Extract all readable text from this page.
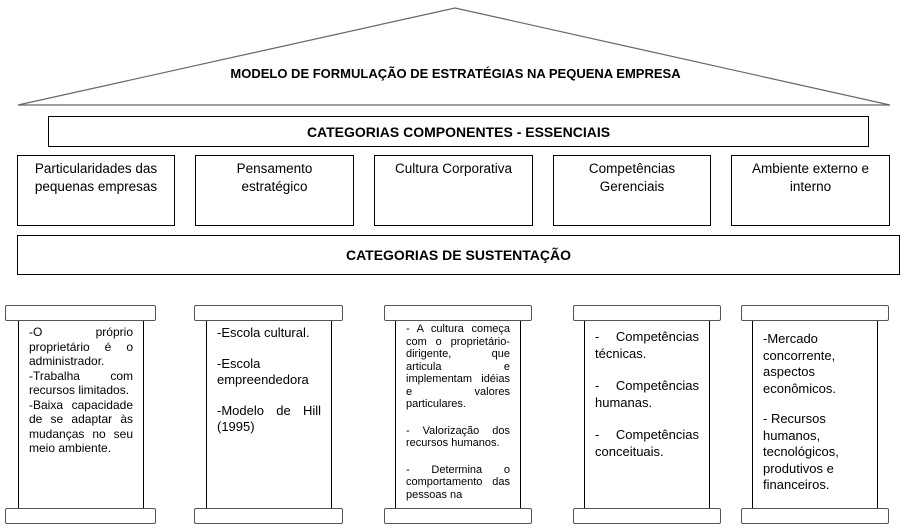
MODELO DE FORMULAÇÃO DE ESTRATÉGIAS NA PEQUENA EMPRESA
CATEGORIAS COMPONENTES - ESSENCIAIS
Particularidades das
pequenas empresas
Pensamento
estratégico
Cultura Corporativa	Competências
Gerenciais
Ambiente externo e
interno
CATEGORIAS DE SUSTENTAÇÃO
-O próprio proprietário é o administrador.
-Trabalha com recursos limitados.
-Baixa capacidade de se adaptar às mudanças no seu meio ambiente.
-Escola cultural.
-Escola empreendedora
-Modelo de Hill (1995)
- A cultura começa com o proprietário-dirigente, que articula e implementam idéias e valores particulares.
- Valorização dos recursos humanos.
- Determina o comportamento das pessoas na
- Competências técnicas.
- Competências humanas.
- Competências conceituais.
-Mercado concorrente, aspectos econômicos.
- Recursos humanos, tecnológicos, produtivos e financeiros.
